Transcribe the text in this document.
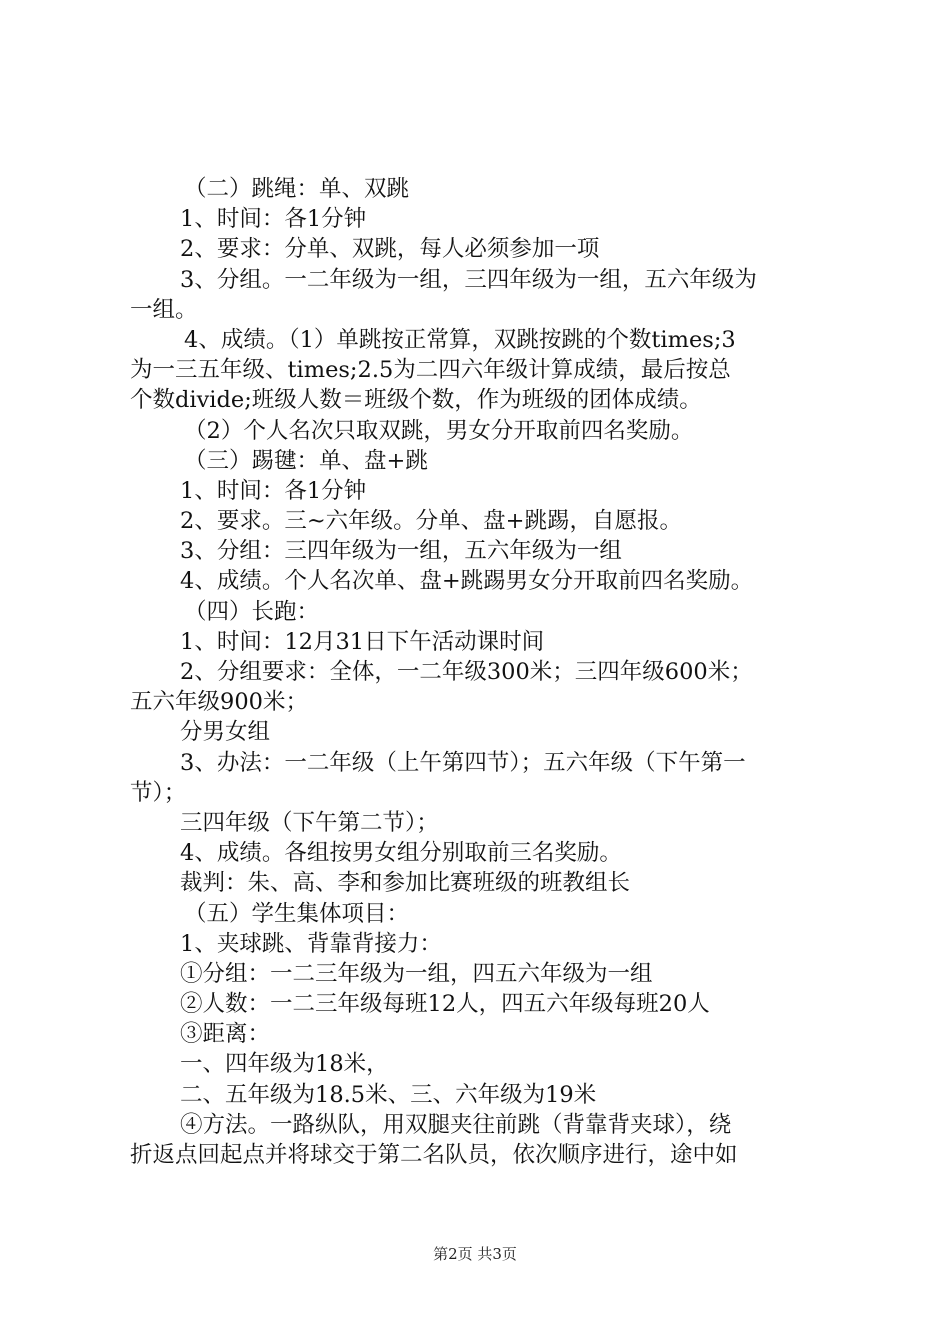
（二）跳绳：单、双跳
1、时间：各1分钟
2、要求：分单、双跳，每人必须参加一项
3、分组。一二年级为一组，三四年级为一组，五六年级为
一组。
4、成绩。（1）单跳按正常算，双跳按跳的个数times;3
为一三五年级、times;2.5为二四六年级计算成绩，最后按总
个数divide;班级人数＝班级个数，作为班级的团体成绩。
（2）个人名次只取双跳，男女分开取前四名奖励。
（三）踢毽：单、盘+跳
1、时间：各1分钟
2、要求。三~六年级。分单、盘+跳踢，自愿报。
3、分组：三四年级为一组，五六年级为一组
4、成绩。个人名次单、盘+跳踢男女分开取前四名奖励。
（四）长跑：
1、时间：12月31日下午活动课时间
2、分组要求：全体，一二年级300米；三四年级600米；
五六年级900米；
分男女组
3、办法：一二年级（上午第四节）；五六年级（下午第一
节）；
三四年级（下午第二节）；
4、成绩。各组按男女组分别取前三名奖励。
裁判：朱、高、李和参加比赛班级的班教组长
（五）学生集体项目：
1、夹球跳、背靠背接力：
①分组：一二三年级为一组，四五六年级为一组
②人数：一二三年级每班12人，四五六年级每班20人
③距离：
一、四年级为18米，
二、五年级为18.5米、三、六年级为19米
④方法。一路纵队，用双腿夹往前跳（背靠背夹球），绕
折返点回起点并将球交于第二名队员，依次顺序进行，途中如
第2页 共3页
